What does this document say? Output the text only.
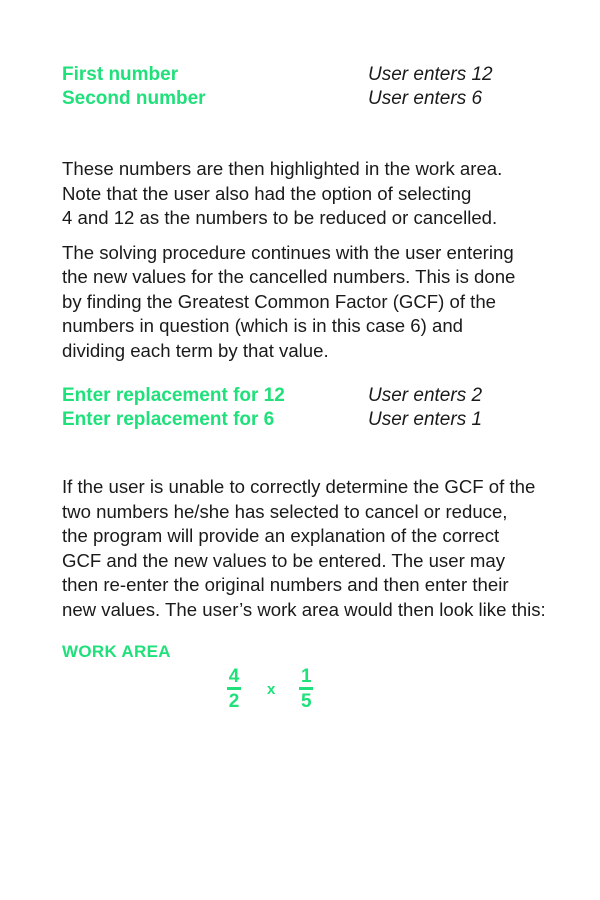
First number	User enters 12
Second number	User enters 6

These numbers are then highlighted in the work area.
Note that the user also had the option of selecting
4 and 12 as the numbers to be reduced or cancelled.

The solving procedure continues with the user entering
the new values for the cancelled numbers. This is done
by finding the Greatest Common Factor (GCF) of the
numbers in question (which is in this case 6) and
dividing each term by that value.

Enter replacement for 12	User enters 2
Enter replacement for 6	User enters 1

If the user is unable to correctly determine the GCF of the
two numbers he/she has selected to cancel or reduce,
the program will provide an explanation of the correct
GCF and the new values to be entered. The user may
then re-enter the original numbers and then enter their
new values. The user’s work area would then look like this:

WORK AREA
$\frac{4}{2}$ x $\frac{1}{5}$
